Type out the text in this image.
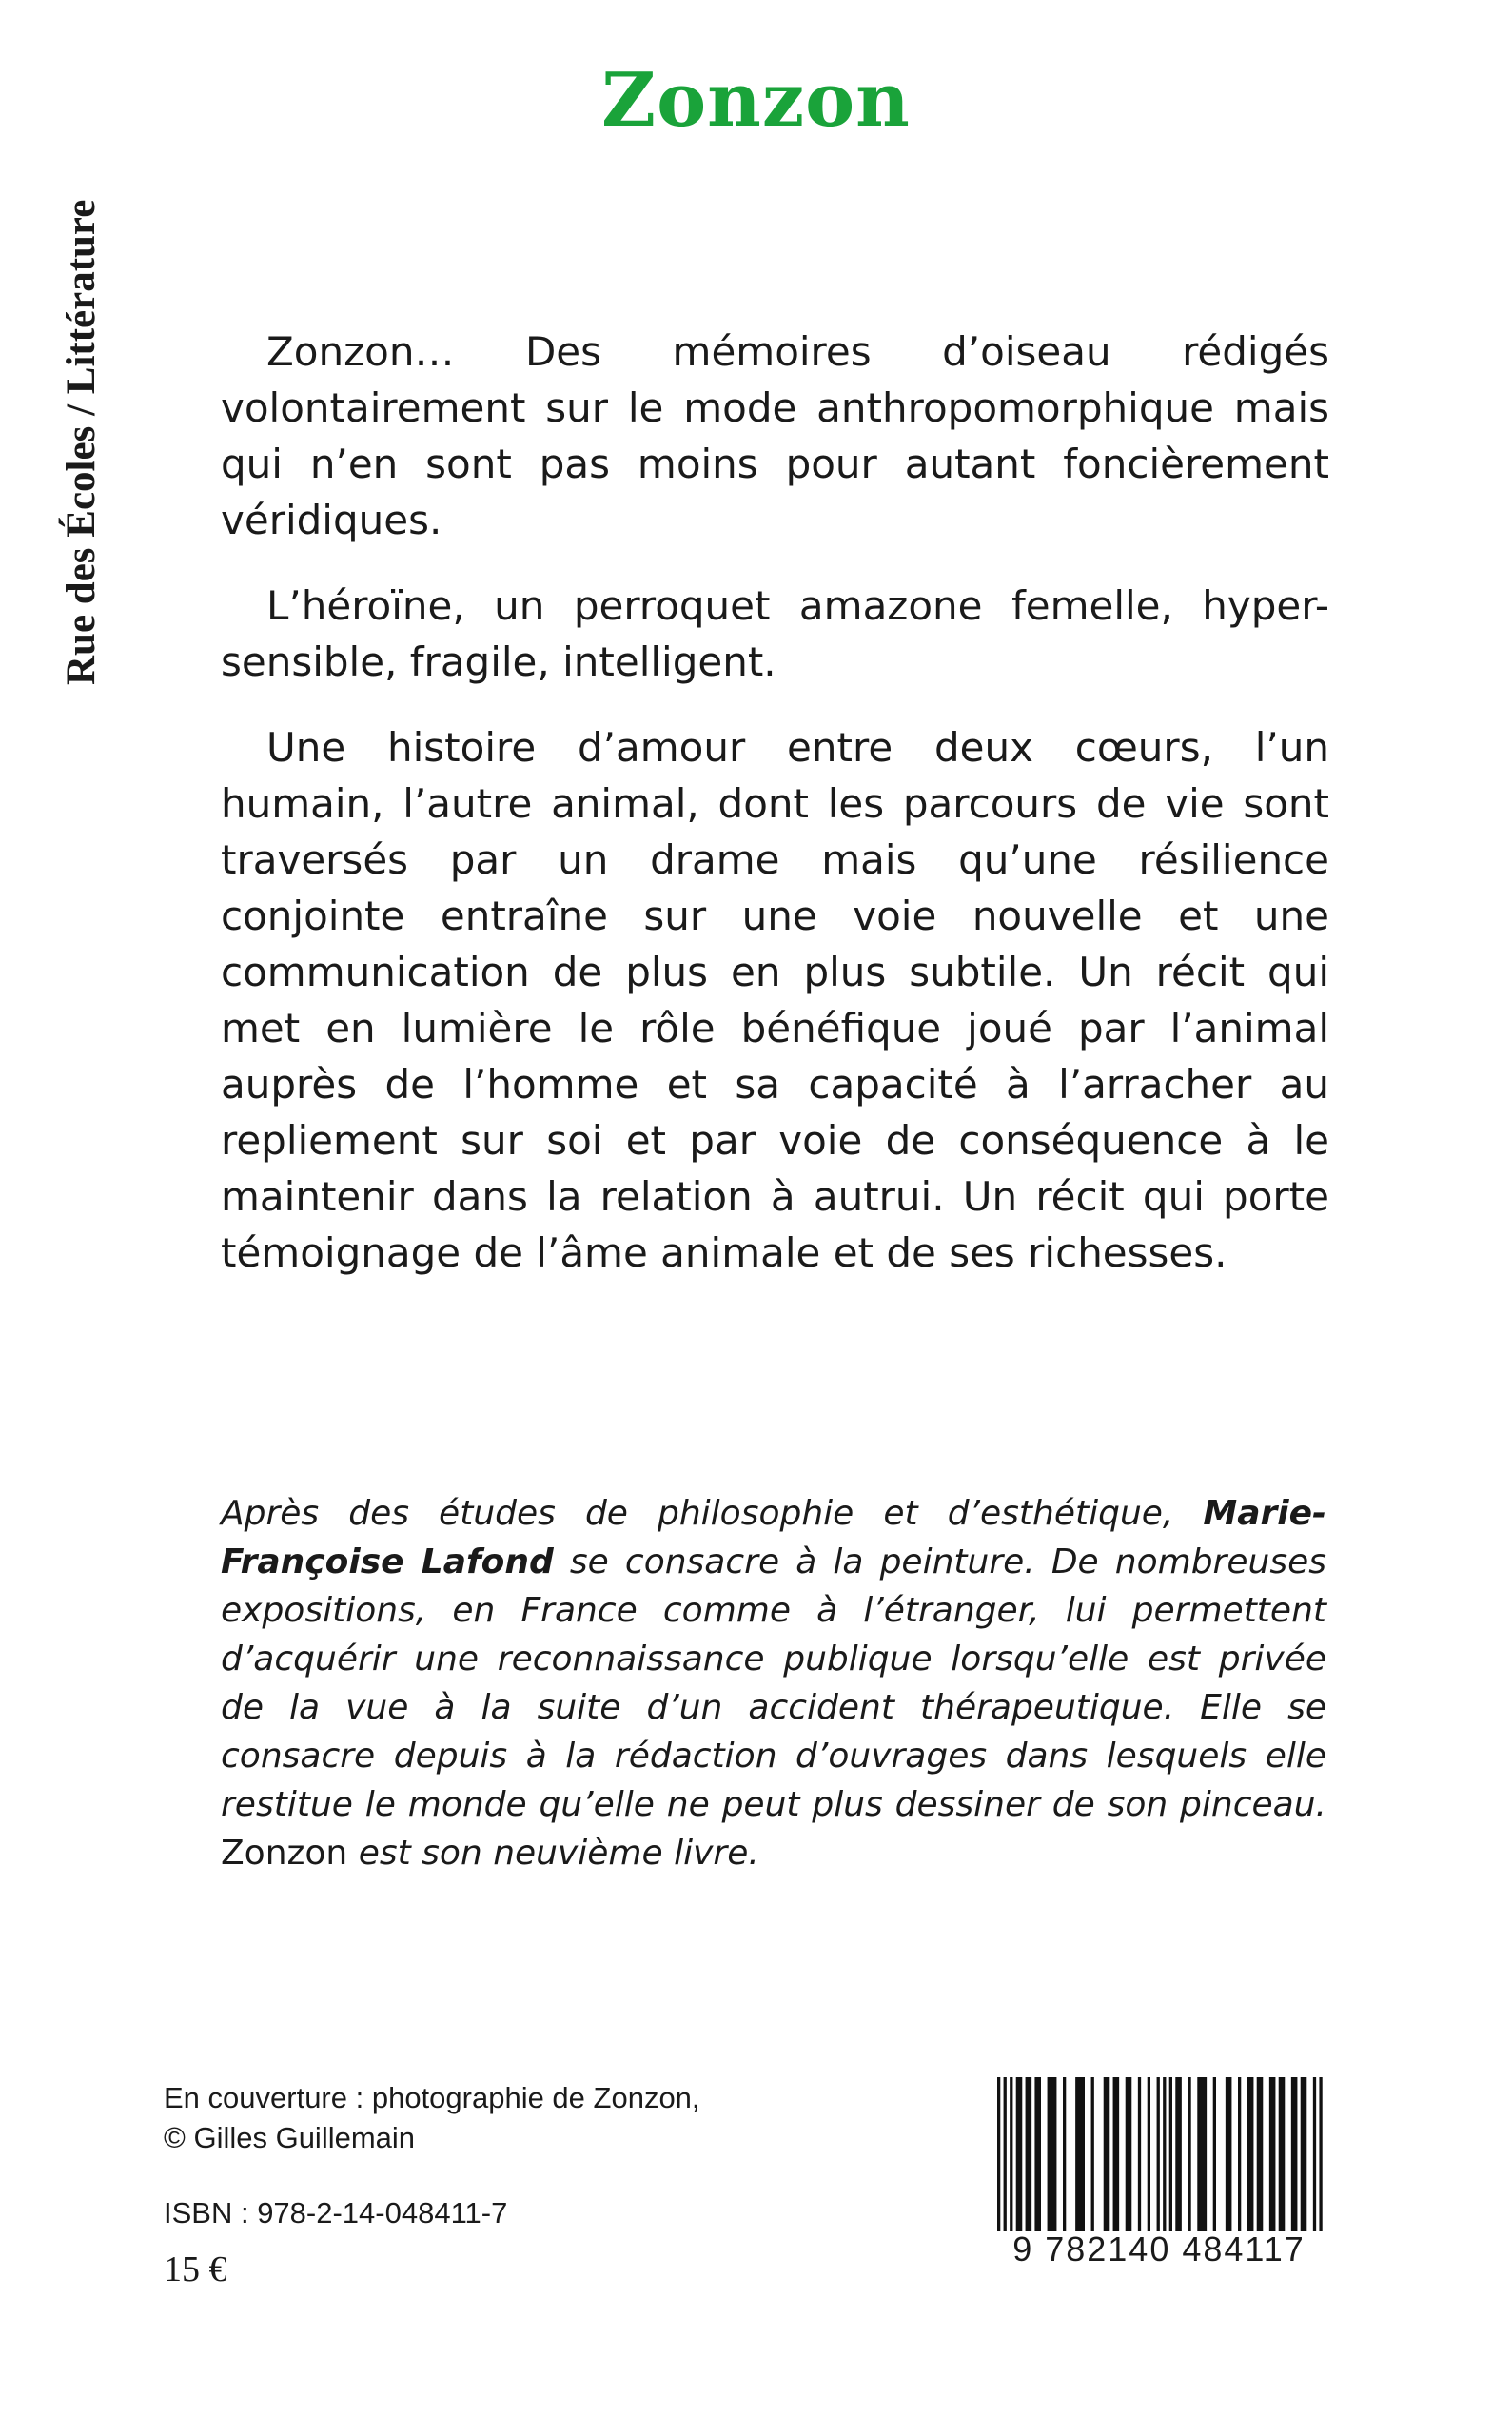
Zonzon
Rue des Écoles / Littérature	Zonzon… Des mémoires d’oiseau rédigés volontairement sur le mode anthropomorphique mais qui n’en sont pas moins pour autant foncièrement véridiques.

L’héroïne, un perroquet amazone femelle, hyper-sensible, fragile, intelligent.

Une histoire d’amour entre deux cœurs, l’un humain, l’autre animal, dont les parcours de vie sont traversés par un drame mais qu’une résilience conjointe entraîne sur une voie nouvelle et une communication de plus en plus subtile. Un récit qui met en lumière le rôle bénéfique joué par l’animal auprès de l’homme et sa capacité à l’arracher au repliement sur soi et par voie de conséquence à le maintenir dans la relation à autrui. Un récit qui porte témoignage de l’âme animale et de ses richesses.

Après des études de philosophie et d’esthétique, Marie-Françoise Lafond se consacre à la peinture. De nombreuses expositions, en France comme à l’étranger, lui permettent d’acquérir une reconnaissance publique lorsqu’elle est privée de la vue à la suite d’un accident thérapeutique. Elle se consacre depuis à la rédaction d’ouvrages dans lesquels elle restitue le monde qu’elle ne peut plus dessiner de son pinceau. Zonzon est son neuvième livre.

En couverture : photographie de Zonzon,
© Gilles Guillemain
ISBN : 978-2-14-048411-7
15 €
9 782140 484117
